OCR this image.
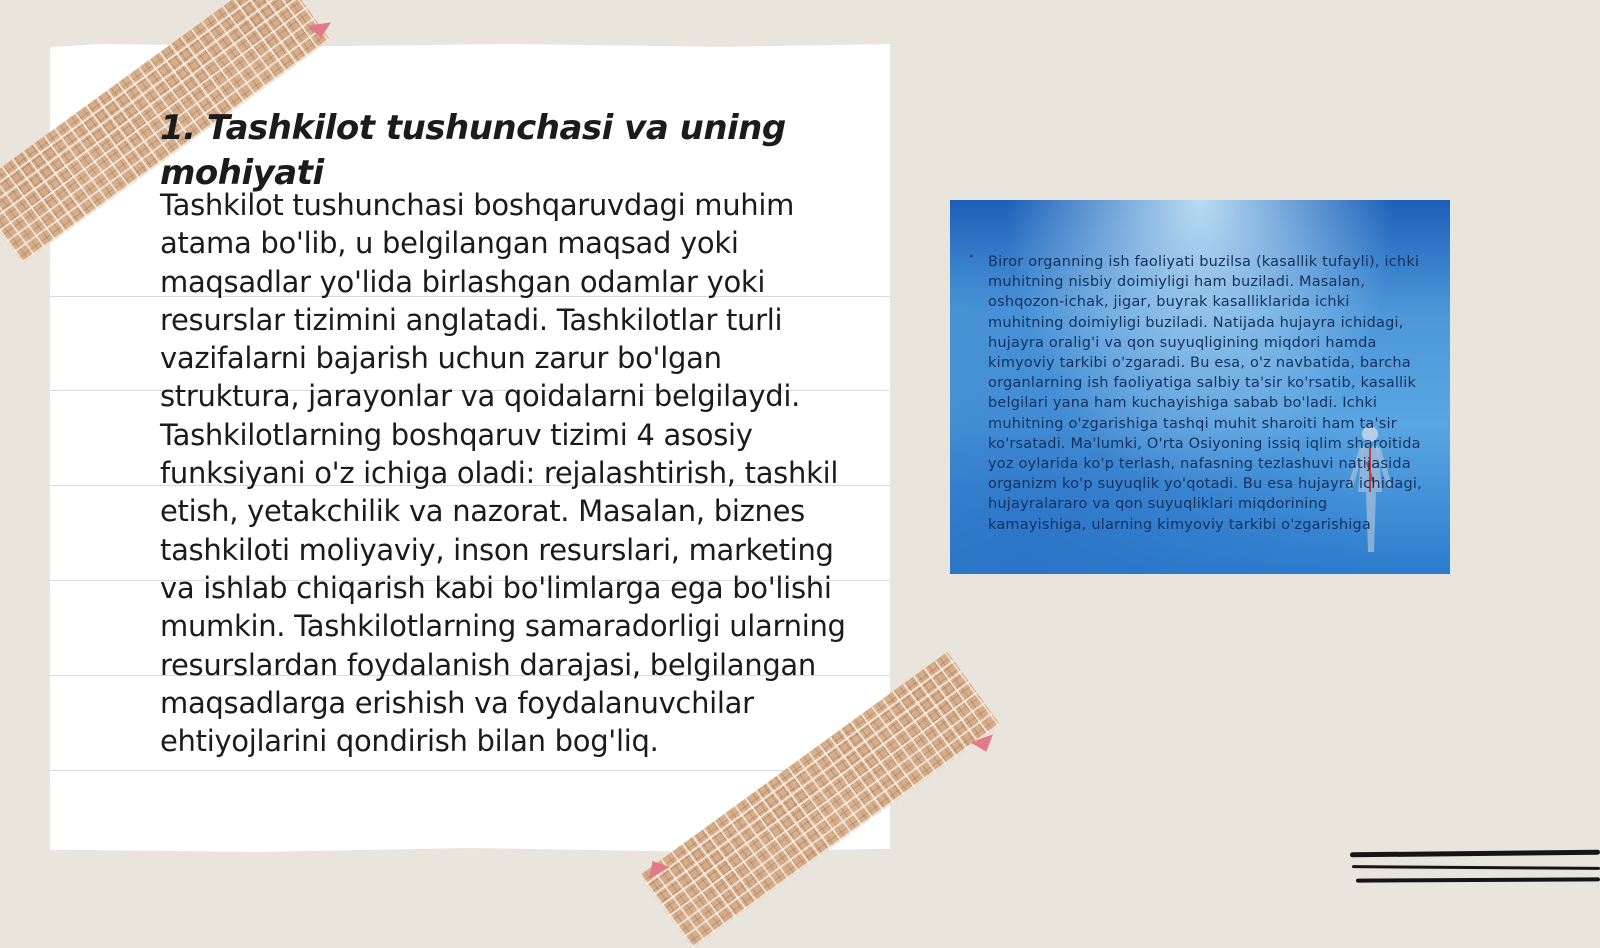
1. Tashkilot tushunchasi va uning mohiyati

Tashkilot tushunchasi boshqaruvdagi muhim atama bo'lib, u belgilangan maqsad yoki maqsadlar yo'lida birlashgan odamlar yoki resurslar tizimini anglatadi. Tashkilotlar turli vazifalarni bajarish uchun zarur bo'lgan struktura, jarayonlar va qoidalarni belgilaydi. Tashkilotlarning boshqaruv tizimi 4 asosiy funksiyani o'z ichiga oladi: rejalashtirish, tashkil etish, yetakchilik va nazorat. Masalan, biznes tashkiloti moliyaviy, inson resurslari, marketing va ishlab chiqarish kabi bo'limlarga ega bo'lishi mumkin. Tashkilotlarning samaradorligi ularning resurslardan foydalanish darajasi, belgilangan maqsadlarga erishish va foydalanuvchilar ehtiyojlarini qondirish bilan bog'liq.

• Biror organning ish faoliyati buzilsa (kasallik tufayli), ichki muhitning nisbiy doimiyligi ham buziladi. Masalan, oshqozon-ichak, jigar, buyrak kasalliklarida ichki muhitning doimiyligi buziladi. Natijada hujayra ichidagi, hujayra oralig'i va qon suyuqligining miqdori hamda kimyoviy tarkibi o'zgaradi. Bu esa, o'z navbatida, barcha organlarning ish faoliyatiga salbiy ta'sir ko'rsatib, kasallik belgilari yana ham kuchayishiga sabab bo'ladi. Ichki muhitning o'zgarishiga tashqi muhit sharoiti ham ta'sir ko'rsatadi. Ma'lumki, O'rta Osiyoning issiq iqlim sharoitida yoz oylarida ko'p terlash, nafasning tezlashuvi natijasida organizm ko'p suyuqlik yo'qotadi. Bu esa hujayra ichidagi, hujayralararo va qon suyuqliklari miqdorining kamayishiga, ularning kimyoviy tarkibi o'zgarishiga
